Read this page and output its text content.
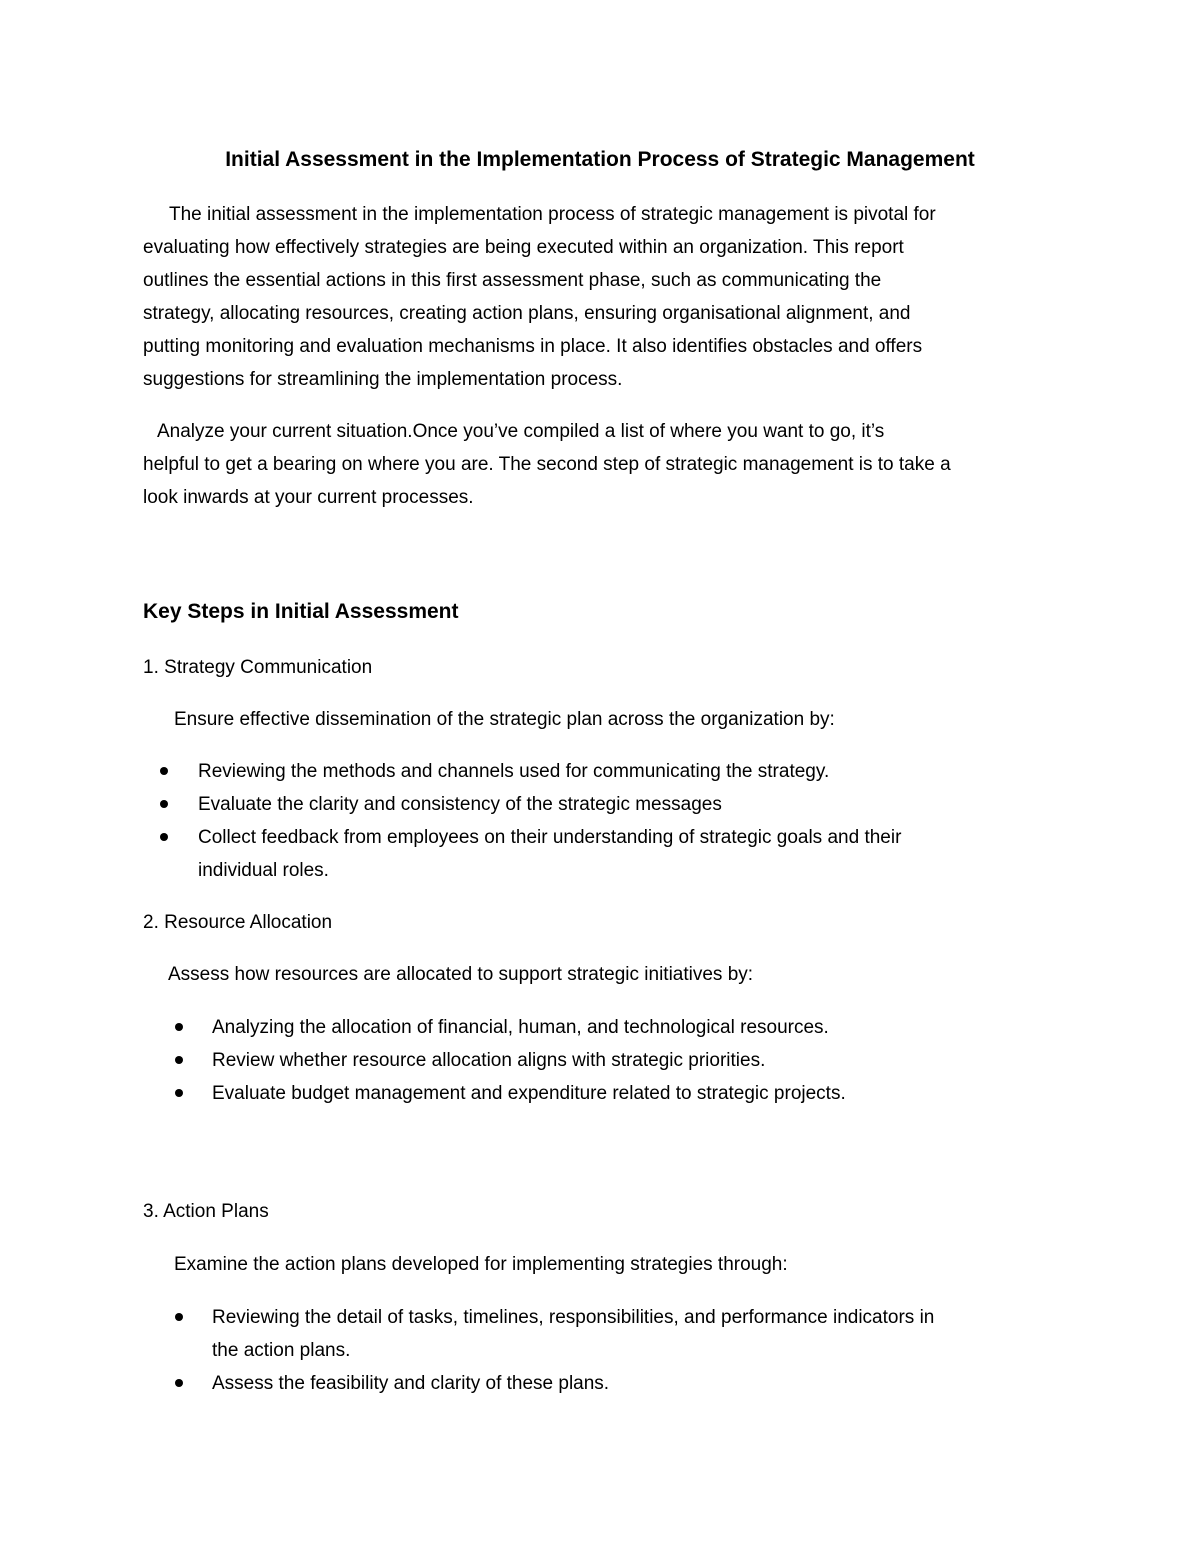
Initial Assessment in the Implementation Process of Strategic Management
The initial assessment in the implementation process of strategic management is pivotal for
evaluating how effectively strategies are being executed within an organization. This report
outlines the essential actions in this first assessment phase, such as communicating the
strategy, allocating resources, creating action plans, ensuring organisational alignment, and
putting monitoring and evaluation mechanisms in place. It also identifies obstacles and offers
suggestions for streamlining the implementation process.
Analyze your current situation.Once you’ve compiled a list of where you want to go, it’s
helpful to get a bearing on where you are. The second step of strategic management is to take a
look inwards at your current processes.
Key Steps in Initial Assessment
1. Strategy Communication
Ensure effective dissemination of the strategic plan across the organization by:
Reviewing the methods and channels used for communicating the strategy.
Evaluate the clarity and consistency of the strategic messages
Collect feedback from employees on their understanding of strategic goals and their
individual roles.
2. Resource Allocation
Assess how resources are allocated to support strategic initiatives by:
Analyzing the allocation of financial, human, and technological resources.
Review whether resource allocation aligns with strategic priorities.
Evaluate budget management and expenditure related to strategic projects.
3. Action Plans
Examine the action plans developed for implementing strategies through:
Reviewing the detail of tasks, timelines, responsibilities, and performance indicators in
the action plans.
Assess the feasibility and clarity of these plans.
